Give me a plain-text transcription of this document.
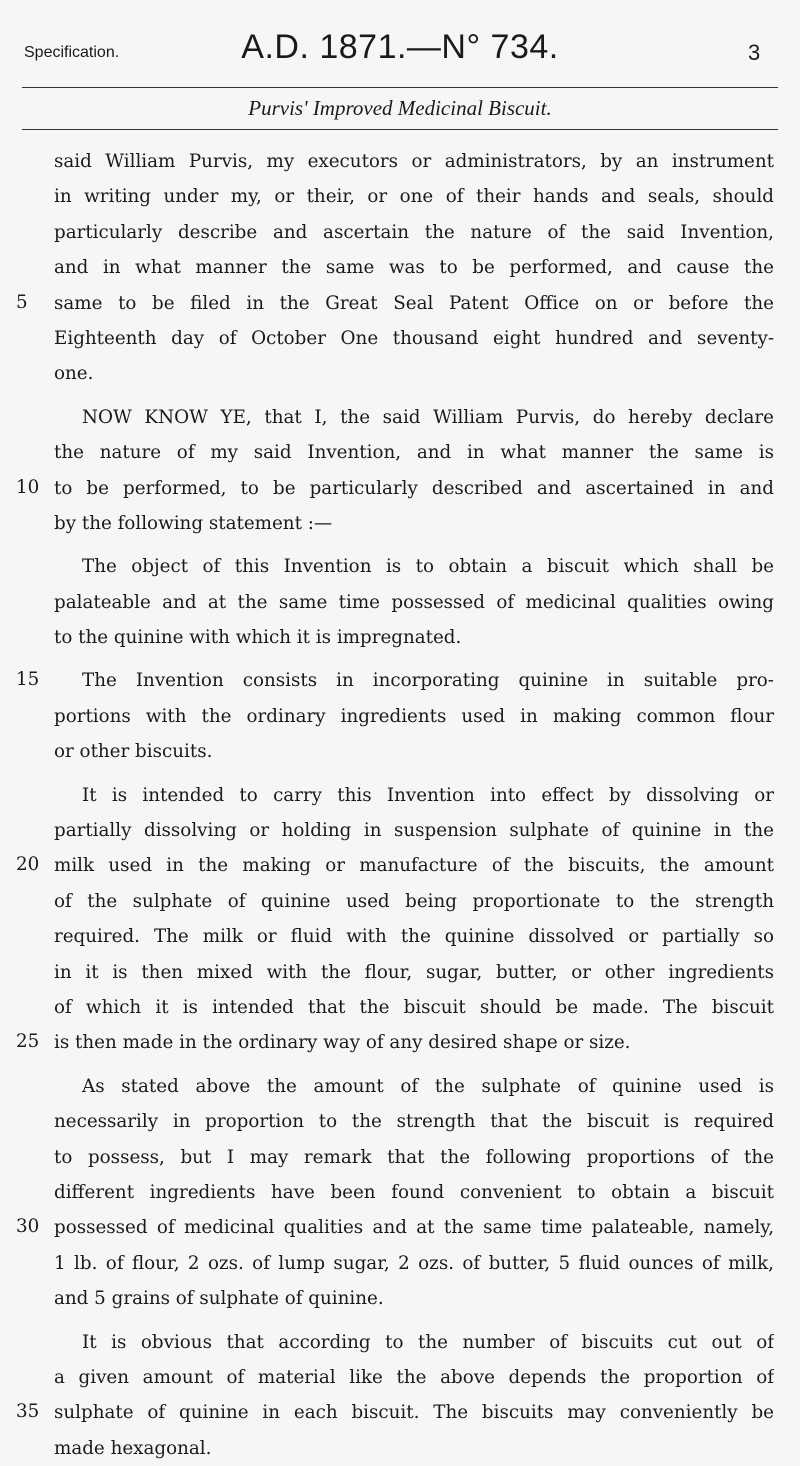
Specification.	A.D. 1871.—N° 734.	3
Purvis' Improved Medicinal Biscuit.
said William Purvis, my executors or administrators, by an instrument
in writing under my, or their, or one of their hands and seals, should
particularly describe and ascertain the nature of the said Invention,
and in what manner the same was to be performed, and cause the
same to be filed in the Great Seal Patent Office on or before the
Eighteenth day of October One thousand eight hundred and seventy-
one.
NOW KNOW YE, that I, the said William Purvis, do hereby declare
the nature of my said Invention, and in what manner the same is
to be performed, to be particularly described and ascertained in and
by the following statement :—
The object of this Invention is to obtain a biscuit which shall be
palateable and at the same time possessed of medicinal qualities owing
to the quinine with which it is impregnated.
The Invention consists in incorporating quinine in suitable pro-
portions with the ordinary ingredients used in making common flour
or other biscuits.
It is intended to carry this Invention into effect by dissolving or
partially dissolving or holding in suspension sulphate of quinine in the
milk used in the making or manufacture of the biscuits, the amount
of the sulphate of quinine used being proportionate to the strength
required. The milk or fluid with the quinine dissolved or partially so
in it is then mixed with the flour, sugar, butter, or other ingredients
of which it is intended that the biscuit should be made. The biscuit
is then made in the ordinary way of any desired shape or size.
As stated above the amount of the sulphate of quinine used is
necessarily in proportion to the strength that the biscuit is required
to possess, but I may remark that the following proportions of the
different ingredients have been found convenient to obtain a biscuit
possessed of medicinal qualities and at the same time palateable, namely,
1 lb. of flour, 2 ozs. of lump sugar, 2 ozs. of butter, 5 fluid ounces of milk,
and 5 grains of sulphate of quinine.
It is obvious that according to the number of biscuits cut out of
a given amount of material like the above depends the proportion of
sulphate of quinine in each biscuit. The biscuits may conveniently be
made hexagonal.
5
10
15
20
25
30
35
